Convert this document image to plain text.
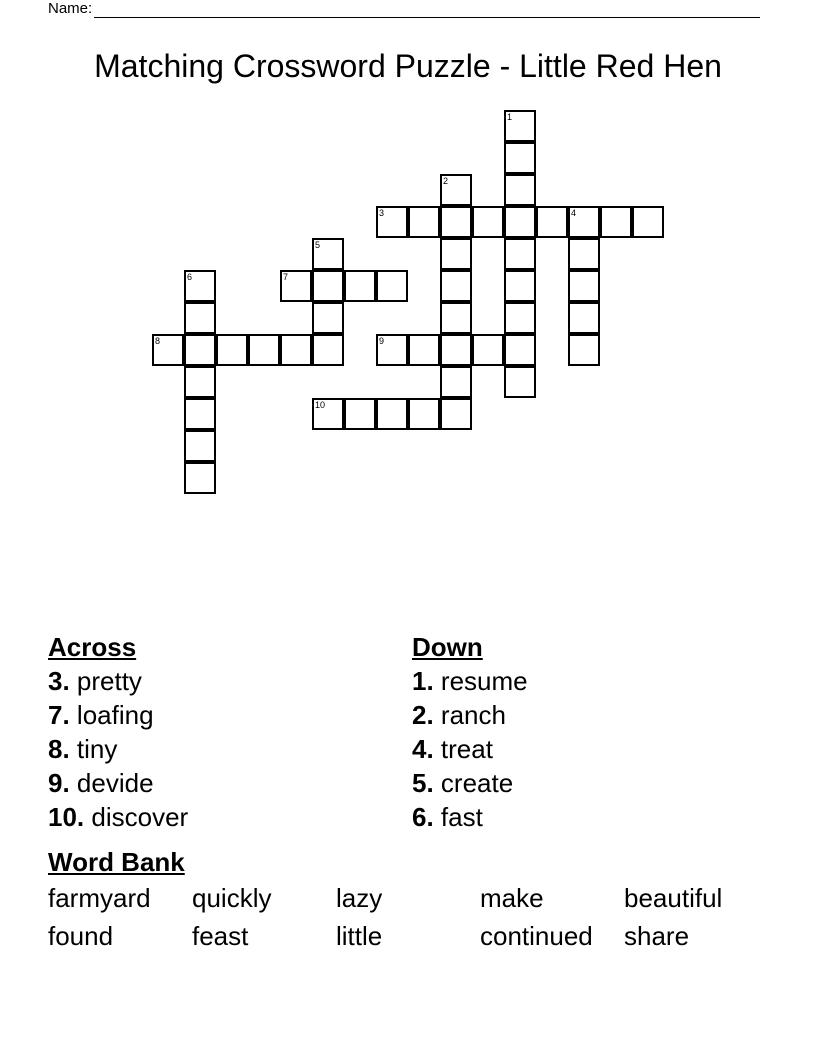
Name:
Matching Crossword Puzzle - Little Red Hen
1
2
3	4
5
6	7
8	9
10
Across
3. pretty
7. loafing
8. tiny
9. devide
10. discover
Down
1. resume
2. ranch
4. treat
5. create
6. fast
Word Bank
farmyard	quickly	lazy	make	beautiful
found	feast	little	continued	share
